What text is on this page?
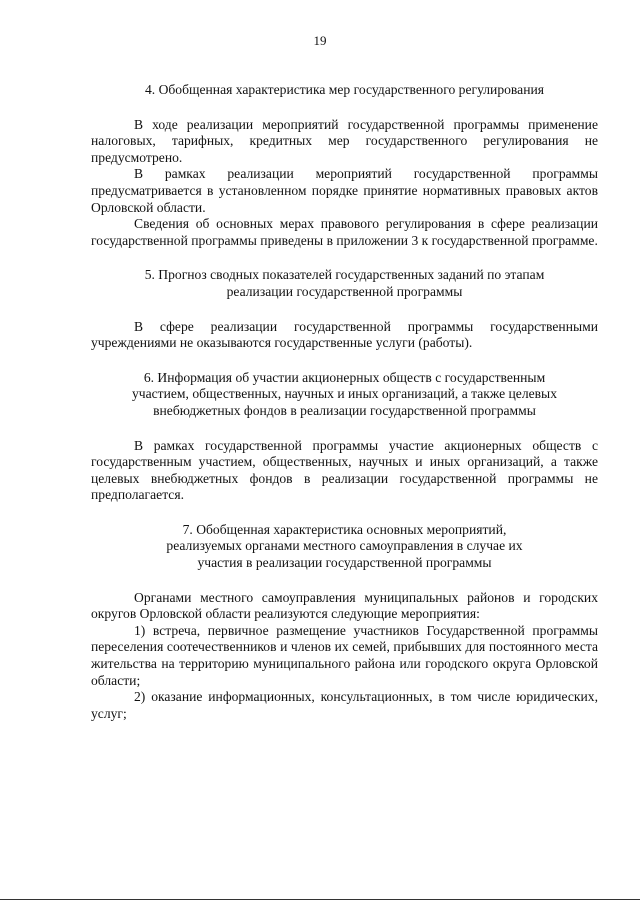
19

4. Обобщенная характеристика мер государственного регулирования

В ходе реализации мероприятий государственной программы применение налоговых, тарифных, кредитных мер государственного регулирования не предусмотрено.

В рамках реализации мероприятий государственной программы предусматривается в установленном порядке принятие нормативных правовых актов Орловской области.

Сведения об основных мерах правового регулирования в сфере реализации государственной программы приведены в приложении 3 к государственной программе.

5. Прогноз сводных показателей государственных заданий по этапам реализации государственной программы

В сфере реализации государственной программы государственными учреждениями не оказываются государственные услуги (работы).

6. Информация об участии акционерных обществ с государственным участием, общественных, научных и иных организаций, а также целевых внебюджетных фондов в реализации государственной программы

В рамках государственной программы участие акционерных обществ с государственным участием, общественных, научных и иных организаций, а также целевых внебюджетных фондов в реализации государственной программы не предполагается.

7. Обобщенная характеристика основных мероприятий, реализуемых органами местного самоуправления в случае их участия в реализации государственной программы

Органами местного самоуправления муниципальных районов и городских округов Орловской области реализуются следующие мероприятия:

1) встреча, первичное размещение участников Государственной программы переселения соотечественников и членов их семей, прибывших для постоянного места жительства на территорию муниципального района или городского округа Орловской области;

2) оказание информационных, консультационных, в том числе юридических, услуг;
